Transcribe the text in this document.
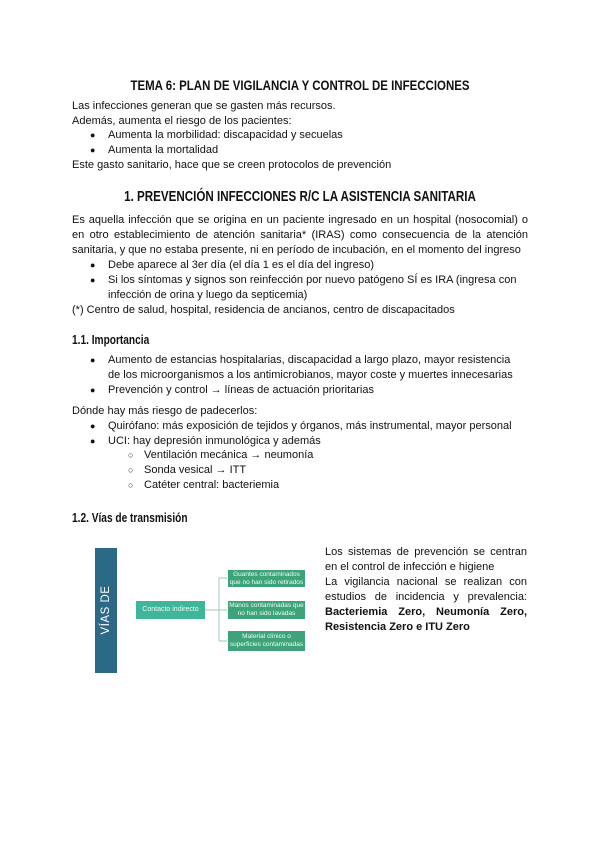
TEMA 6: PLAN DE VIGILANCIA Y CONTROL DE INFECCIONES
Las infecciones generan que se gasten más recursos.
Además, aumenta el riesgo de los pacientes:
● Aumenta la morbilidad: discapacidad y secuelas
● Aumenta la mortalidad
Este gasto sanitario, hace que se creen protocolos de prevención
1. PREVENCIÓN INFECCIONES R/C LA ASISTENCIA SANITARIA
Es aquella infección que se origina en un paciente ingresado en un hospital (nosocomial) o
en otro establecimiento de atención sanitaria* (IRAS) como consecuencia de la atención
sanitaria, y que no estaba presente, ni en período de incubación, en el momento del ingreso
● Debe aparece al 3er día (el día 1 es el día del ingreso)
● Si los síntomas y signos son reinfección por nuevo patógeno SÍ es IRA (ingresa con
infección de orina y luego da septicemia)
(*) Centro de salud, hospital, residencia de ancianos, centro de discapacitados
1.1. Importancia
● Aumento de estancias hospitalarias, discapacidad a largo plazo, mayor resistencia
de los microorganismos a los antimicrobianos, mayor coste y muertes innecesarias
● Prevención y control → líneas de actuación prioritarias
Dónde hay más riesgo de padecerlos:
● Quirófano: más exposición de tejidos y órganos, más instrumental, mayor personal
● UCI: hay depresión inmunológica y además
○ Ventilación mecánica → neumonía
○ Sonda vesical → ITT
○ Catéter central: bacteriemia
1.2. Vías de transmisión
VÍAS DE TRANSMISIÓN	Contacto indirecto
Guantes contaminados que no han sido retirados
Manos contaminadas que no han sido lavadas
Material clínico o superficies contaminadas
Los sistemas de prevención se centran
en el control de infección e higiene
La vigilancia nacional se realizan con
estudios de incidencia y prevalencia:
Bacteriemia Zero, Neumonía Zero,
Resistencia Zero e ITU Zero
